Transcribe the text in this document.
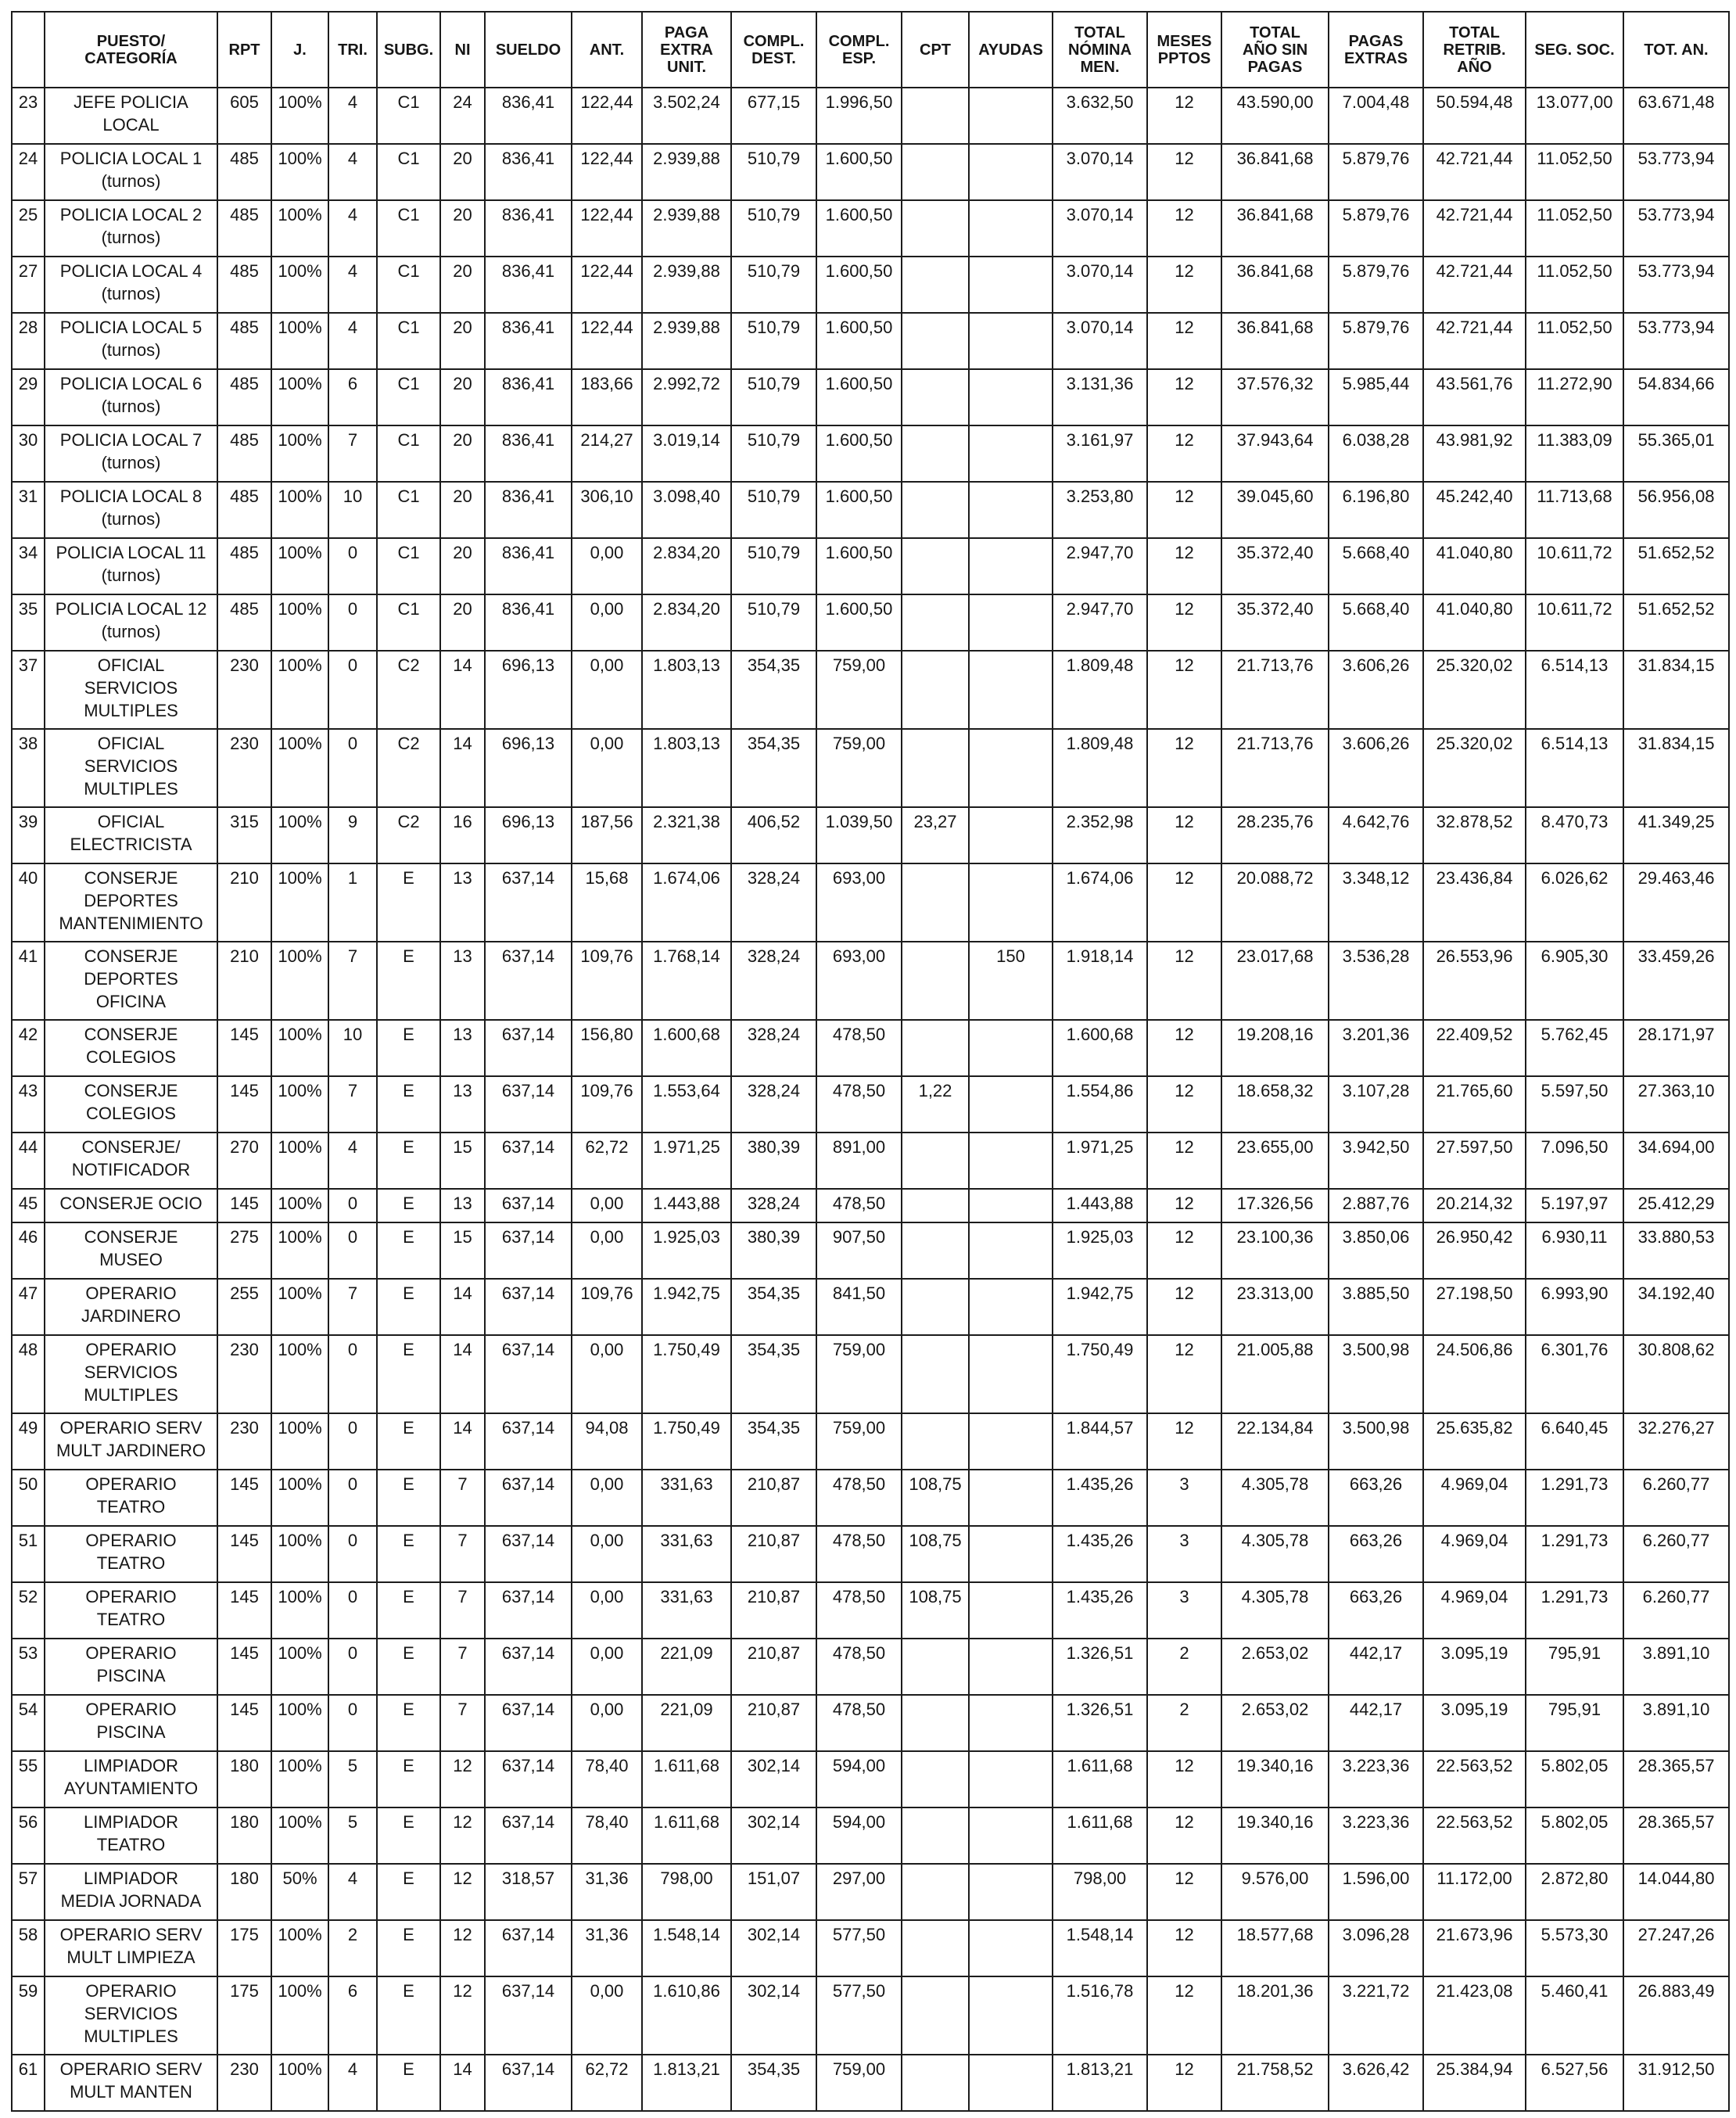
	PUESTO/
CATEGORÍA	RPT	J.	TRI.	SUBG.	NI	SUELDO	ANT.	PAGA
EXTRA
UNIT.	COMPL.
DEST.	COMPL.
ESP.	CPT	AYUDAS	TOTAL
NÓMINA
MEN.	MESES
PPTOS	TOTAL
AÑO SIN
PAGAS	PAGAS
EXTRAS	TOTAL
RETRIB.
AÑO	SEG. SOC.	TOT. AN.
23	JEFE POLICIA
LOCAL	605	100%	4	C1	24	836,41	122,44	3.502,24	677,15	1.996,50			3.632,50	12	43.590,00	7.004,48	50.594,48	13.077,00	63.671,48
24	POLICIA LOCAL 1
(turnos)	485	100%	4	C1	20	836,41	122,44	2.939,88	510,79	1.600,50			3.070,14	12	36.841,68	5.879,76	42.721,44	11.052,50	53.773,94
25	POLICIA LOCAL 2
(turnos)	485	100%	4	C1	20	836,41	122,44	2.939,88	510,79	1.600,50			3.070,14	12	36.841,68	5.879,76	42.721,44	11.052,50	53.773,94
27	POLICIA LOCAL 4
(turnos)	485	100%	4	C1	20	836,41	122,44	2.939,88	510,79	1.600,50			3.070,14	12	36.841,68	5.879,76	42.721,44	11.052,50	53.773,94
28	POLICIA LOCAL 5
(turnos)	485	100%	4	C1	20	836,41	122,44	2.939,88	510,79	1.600,50			3.070,14	12	36.841,68	5.879,76	42.721,44	11.052,50	53.773,94
29	POLICIA LOCAL 6
(turnos)	485	100%	6	C1	20	836,41	183,66	2.992,72	510,79	1.600,50			3.131,36	12	37.576,32	5.985,44	43.561,76	11.272,90	54.834,66
30	POLICIA LOCAL 7
(turnos)	485	100%	7	C1	20	836,41	214,27	3.019,14	510,79	1.600,50			3.161,97	12	37.943,64	6.038,28	43.981,92	11.383,09	55.365,01
31	POLICIA LOCAL 8
(turnos)	485	100%	10	C1	20	836,41	306,10	3.098,40	510,79	1.600,50			3.253,80	12	39.045,60	6.196,80	45.242,40	11.713,68	56.956,08
34	POLICIA LOCAL 11
(turnos)	485	100%	0	C1	20	836,41	0,00	2.834,20	510,79	1.600,50			2.947,70	12	35.372,40	5.668,40	41.040,80	10.611,72	51.652,52
35	POLICIA LOCAL 12
(turnos)	485	100%	0	C1	20	836,41	0,00	2.834,20	510,79	1.600,50			2.947,70	12	35.372,40	5.668,40	41.040,80	10.611,72	51.652,52
37	OFICIAL
SERVICIOS
MULTIPLES	230	100%	0	C2	14	696,13	0,00	1.803,13	354,35	759,00			1.809,48	12	21.713,76	3.606,26	25.320,02	6.514,13	31.834,15
38	OFICIAL
SERVICIOS
MULTIPLES	230	100%	0	C2	14	696,13	0,00	1.803,13	354,35	759,00			1.809,48	12	21.713,76	3.606,26	25.320,02	6.514,13	31.834,15
39	OFICIAL
ELECTRICISTA	315	100%	9	C2	16	696,13	187,56	2.321,38	406,52	1.039,50	23,27		2.352,98	12	28.235,76	4.642,76	32.878,52	8.470,73	41.349,25
40	CONSERJE
DEPORTES
MANTENIMIENTO	210	100%	1	E	13	637,14	15,68	1.674,06	328,24	693,00			1.674,06	12	20.088,72	3.348,12	23.436,84	6.026,62	29.463,46
41	CONSERJE
DEPORTES
OFICINA	210	100%	7	E	13	637,14	109,76	1.768,14	328,24	693,00		150	1.918,14	12	23.017,68	3.536,28	26.553,96	6.905,30	33.459,26
42	CONSERJE
COLEGIOS	145	100%	10	E	13	637,14	156,80	1.600,68	328,24	478,50			1.600,68	12	19.208,16	3.201,36	22.409,52	5.762,45	28.171,97
43	CONSERJE
COLEGIOS	145	100%	7	E	13	637,14	109,76	1.553,64	328,24	478,50	1,22		1.554,86	12	18.658,32	3.107,28	21.765,60	5.597,50	27.363,10
44	CONSERJE/
NOTIFICADOR	270	100%	4	E	15	637,14	62,72	1.971,25	380,39	891,00			1.971,25	12	23.655,00	3.942,50	27.597,50	7.096,50	34.694,00
45	CONSERJE OCIO	145	100%	0	E	13	637,14	0,00	1.443,88	328,24	478,50			1.443,88	12	17.326,56	2.887,76	20.214,32	5.197,97	25.412,29
46	CONSERJE
MUSEO	275	100%	0	E	15	637,14	0,00	1.925,03	380,39	907,50			1.925,03	12	23.100,36	3.850,06	26.950,42	6.930,11	33.880,53
47	OPERARIO
JARDINERO	255	100%	7	E	14	637,14	109,76	1.942,75	354,35	841,50			1.942,75	12	23.313,00	3.885,50	27.198,50	6.993,90	34.192,40
48	OPERARIO
SERVICIOS
MULTIPLES	230	100%	0	E	14	637,14	0,00	1.750,49	354,35	759,00			1.750,49	12	21.005,88	3.500,98	24.506,86	6.301,76	30.808,62
49	OPERARIO SERV
MULT JARDINERO	230	100%	0	E	14	637,14	94,08	1.750,49	354,35	759,00			1.844,57	12	22.134,84	3.500,98	25.635,82	6.640,45	32.276,27
50	OPERARIO
TEATRO	145	100%	0	E	7	637,14	0,00	331,63	210,87	478,50	108,75		1.435,26	3	4.305,78	663,26	4.969,04	1.291,73	6.260,77
51	OPERARIO
TEATRO	145	100%	0	E	7	637,14	0,00	331,63	210,87	478,50	108,75		1.435,26	3	4.305,78	663,26	4.969,04	1.291,73	6.260,77
52	OPERARIO
TEATRO	145	100%	0	E	7	637,14	0,00	331,63	210,87	478,50	108,75		1.435,26	3	4.305,78	663,26	4.969,04	1.291,73	6.260,77
53	OPERARIO
PISCINA	145	100%	0	E	7	637,14	0,00	221,09	210,87	478,50			1.326,51	2	2.653,02	442,17	3.095,19	795,91	3.891,10
54	OPERARIO
PISCINA	145	100%	0	E	7	637,14	0,00	221,09	210,87	478,50			1.326,51	2	2.653,02	442,17	3.095,19	795,91	3.891,10
55	LIMPIADOR
AYUNTAMIENTO	180	100%	5	E	12	637,14	78,40	1.611,68	302,14	594,00			1.611,68	12	19.340,16	3.223,36	22.563,52	5.802,05	28.365,57
56	LIMPIADOR
TEATRO	180	100%	5	E	12	637,14	78,40	1.611,68	302,14	594,00			1.611,68	12	19.340,16	3.223,36	22.563,52	5.802,05	28.365,57
57	LIMPIADOR
MEDIA JORNADA	180	50%	4	E	12	318,57	31,36	798,00	151,07	297,00			798,00	12	9.576,00	1.596,00	11.172,00	2.872,80	14.044,80
58	OPERARIO SERV
MULT LIMPIEZA	175	100%	2	E	12	637,14	31,36	1.548,14	302,14	577,50			1.548,14	12	18.577,68	3.096,28	21.673,96	5.573,30	27.247,26
59	OPERARIO
SERVICIOS
MULTIPLES	175	100%	6	E	12	637,14	0,00	1.610,86	302,14	577,50			1.516,78	12	18.201,36	3.221,72	21.423,08	5.460,41	26.883,49
61	OPERARIO SERV
MULT MANTEN	230	100%	4	E	14	637,14	62,72	1.813,21	354,35	759,00			1.813,21	12	21.758,52	3.626,42	25.384,94	6.527,56	31.912,50
